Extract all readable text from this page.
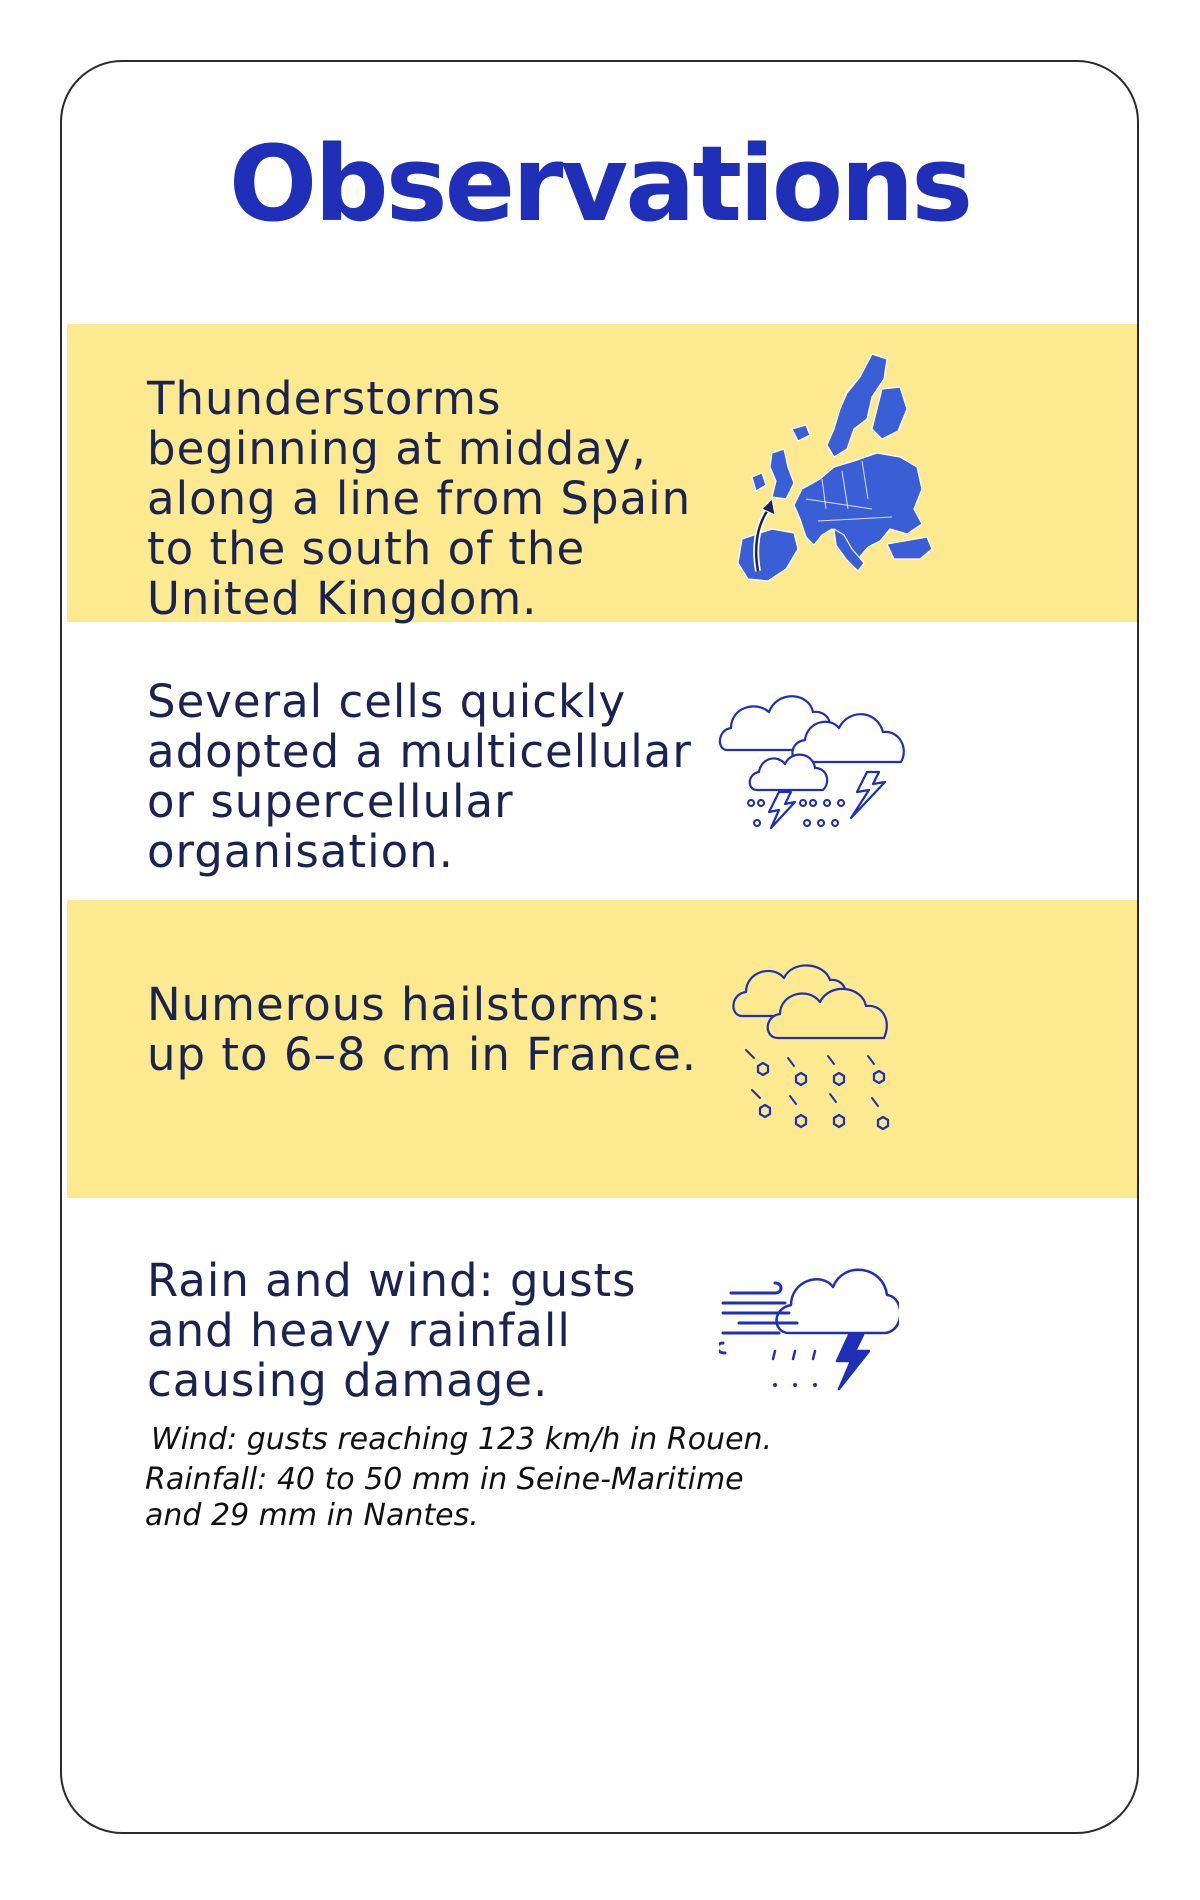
Observations

Thunderstorms beginning at midday, along a line from Spain to the south of the United Kingdom.

Several cells quickly adopted a multicellular or supercellular organisation.

Numerous hailstorms: up to 6–8 cm in France.

Rain and wind: gusts and heavy rainfall causing damage.

Wind: gusts reaching 123 km/h in Rouen.

Rainfall: 40 to 50 mm in Seine-Maritime and 29 mm in Nantes.
